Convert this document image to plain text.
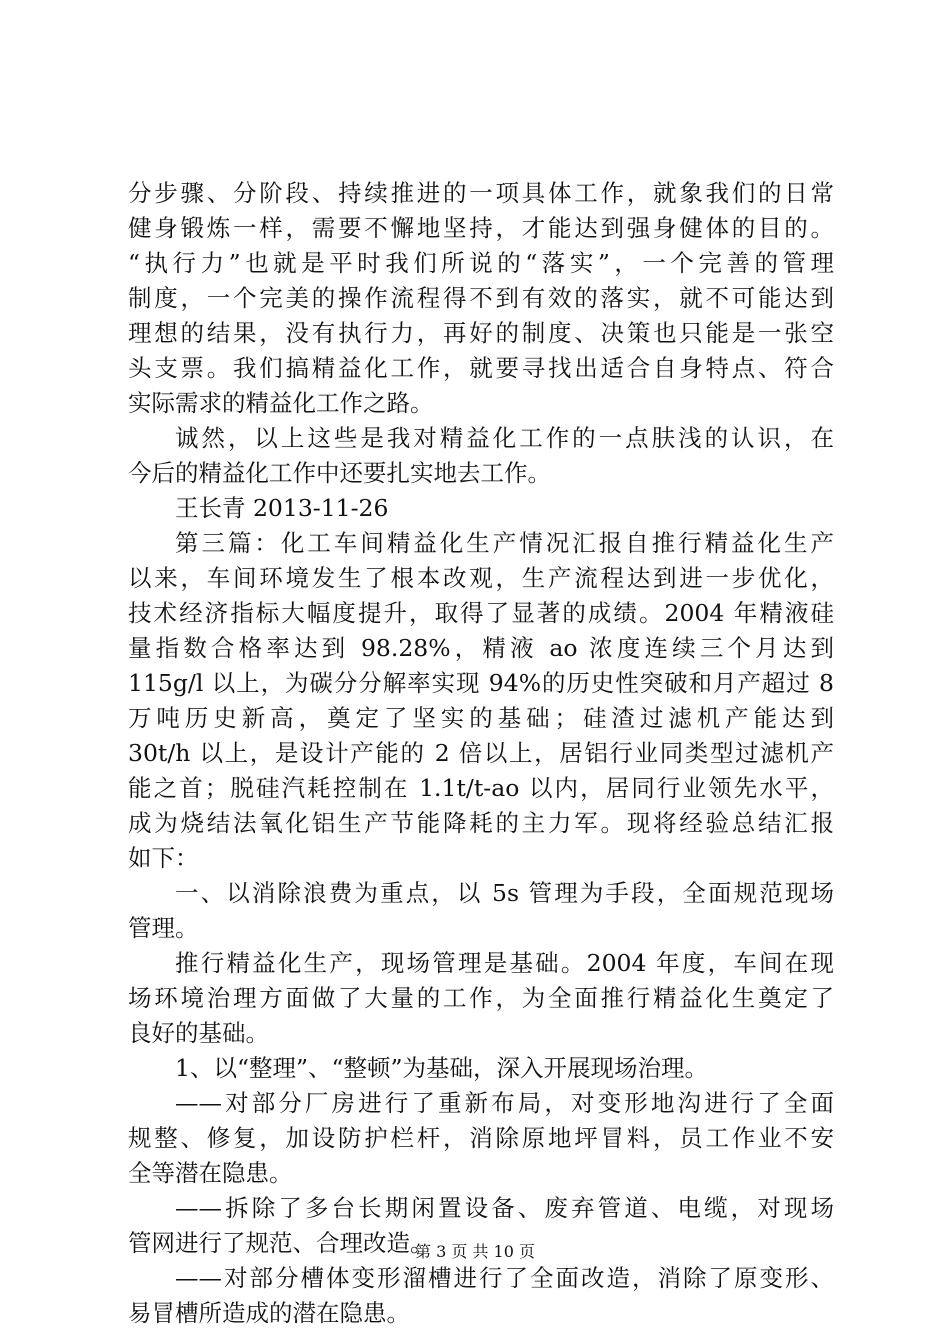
分步骤、分阶段、持续推进的一项具体工作，就象我们的日常
健身锻炼一样，需要不懈地坚持，才能达到强身健体的目的。
“执行力”也就是平时我们所说的“落实”，一个完善的管理
制度，一个完美的操作流程得不到有效的落实，就不可能达到
理想的结果，没有执行力，再好的制度、决策也只能是一张空
头支票。我们搞精益化工作，就要寻找出适合自身特点、符合
实际需求的精益化工作之路。
诚然，以上这些是我对精益化工作的一点肤浅的认识，在
今后的精益化工作中还要扎实地去工作。
王长青 2013-11-26
第三篇：化工车间精益化生产情况汇报自推行精益化生产
以来，车间环境发生了根本改观，生产流程达到进一步优化，
技术经济指标大幅度提升，取得了显著的成绩。2004 年精液硅
量指数合格率达到 98.28%，精液 ao 浓度连续三个月达到
115g/l 以上，为碳分分解率实现 94%的历史性突破和月产超过 8
万吨历史新高，奠定了坚实的基础；硅渣过滤机产能达到
30t/h 以上，是设计产能的 2 倍以上，居铝行业同类型过滤机产
能之首；脱硅汽耗控制在 1.1t/t-ao 以内，居同行业领先水平，
成为烧结法氧化铝生产节能降耗的主力军。现将经验总结汇报
如下：
一、以消除浪费为重点，以 5s 管理为手段，全面规范现场
管理。
推行精益化生产，现场管理是基础。2004 年度，车间在现
场环境治理方面做了大量的工作，为全面推行精益化生奠定了
良好的基础。
1、以“整理”、“整顿”为基础，深入开展现场治理。
——对部分厂房进行了重新布局，对变形地沟进行了全面
规整、修复，加设防护栏杆，消除原地坪冒料，员工作业不安
全等潜在隐患。
——拆除了多台长期闲置设备、废弃管道、电缆，对现场
管网进行了规范、合理改造。
——对部分槽体变形溜槽进行了全面改造，消除了原变形、
易冒槽所造成的潜在隐患。
第 3 页 共 10 页
